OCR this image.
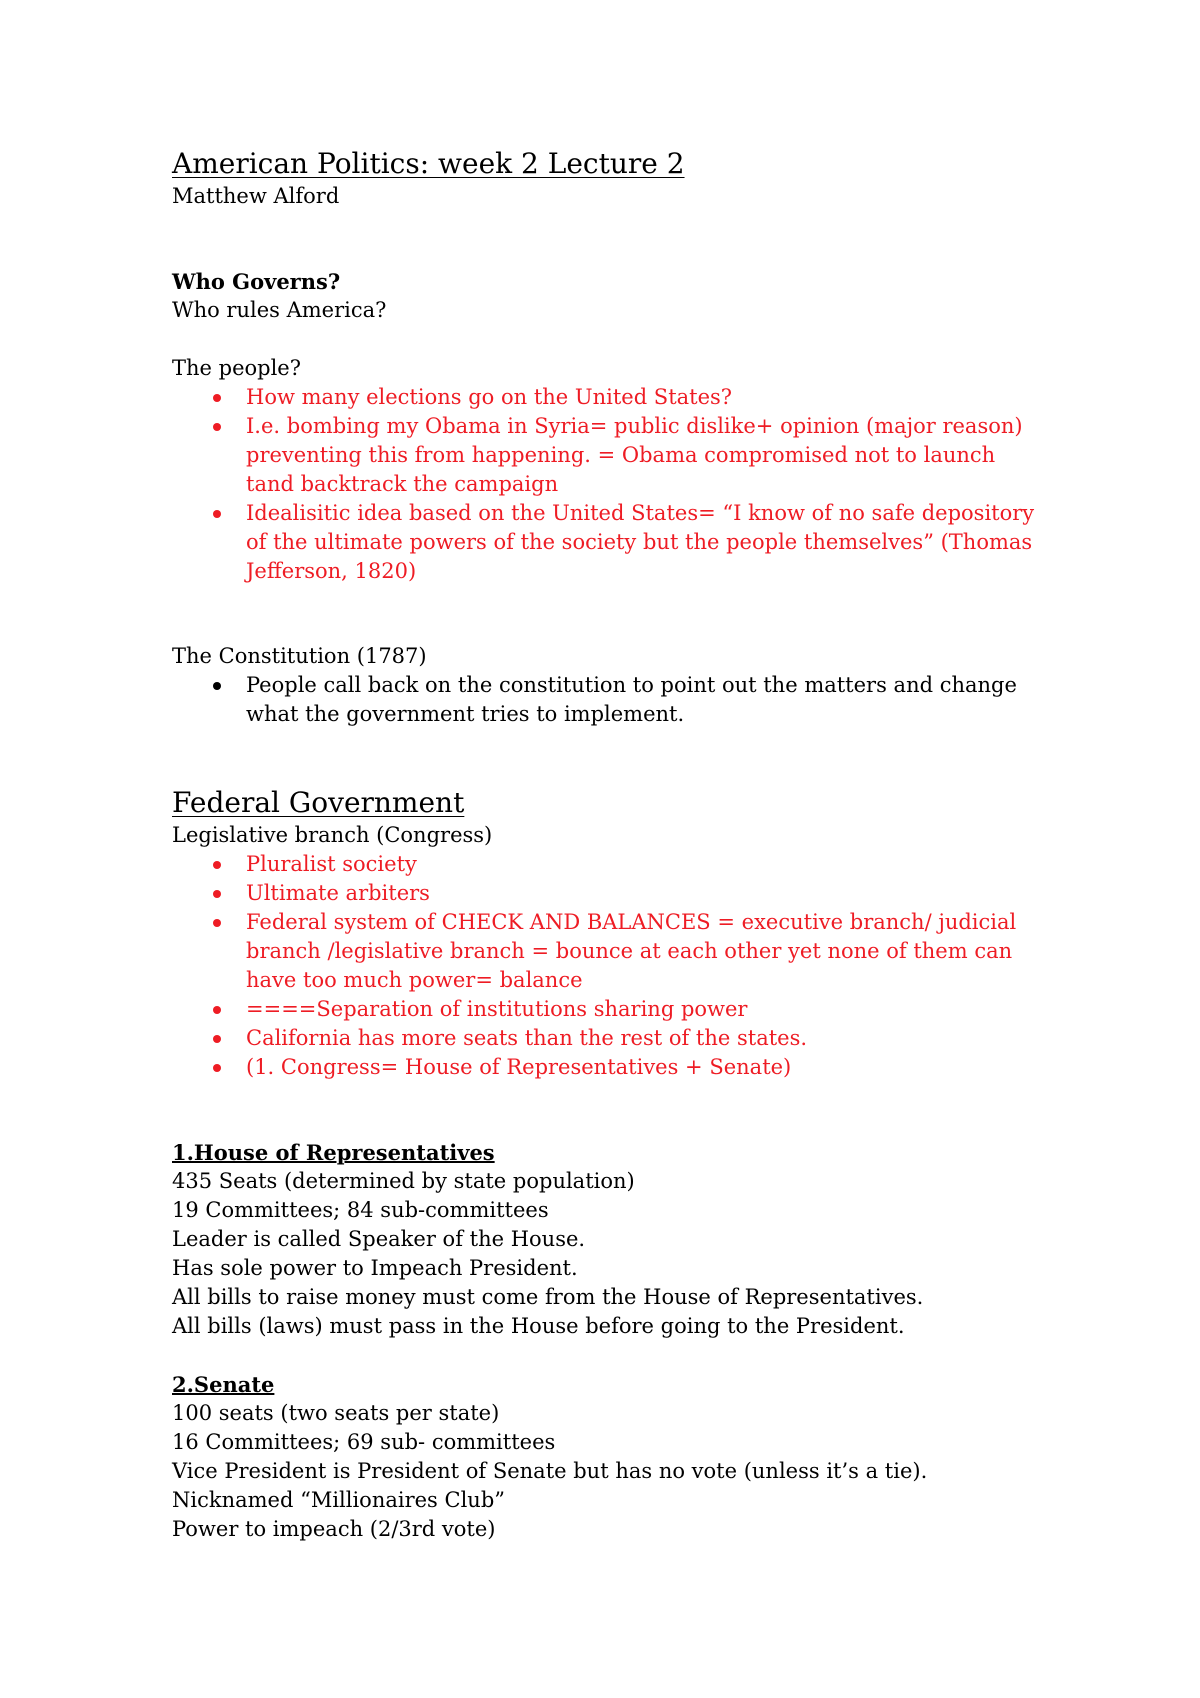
American Politics: week 2 Lecture 2
Matthew Alford
Who Governs?
Who rules America?
The people?
How many elections go on the United States?
I.e. bombing my Obama in Syria= public dislike+ opinion (major reason) preventing this from happening. = Obama compromised not to launch tand backtrack the campaign
Idealisitic idea based on the United States= “I know of no safe depository of the ultimate powers of the society but the people themselves” (Thomas Jefferson, 1820)
The Constitution (1787)
People call back on the constitution to point out the matters and change what the government tries to implement.
Federal Government
Legislative branch (Congress)
Pluralist society
Ultimate arbiters
Federal system of CHECK AND BALANCES = executive branch/ judicial branch /legislative branch = bounce at each other yet none of them can have too much power= balance
====Separation of institutions sharing power
California has more seats than the rest of the states.
(1. Congress= House of Representatives + Senate)
1.House of Representatives
435 Seats (determined by state population)
19 Committees; 84 sub-committees
Leader is called Speaker of the House.
Has sole power to Impeach President.
All bills to raise money must come from the House of Representatives.
All bills (laws) must pass in the House before going to the President.
2.Senate
100 seats (two seats per state)
16 Committees; 69 sub- committees
Vice President is President of Senate but has no vote (unless it’s a tie).
Nicknamed “Millionaires Club”
Power to impeach (2/3rd vote)
